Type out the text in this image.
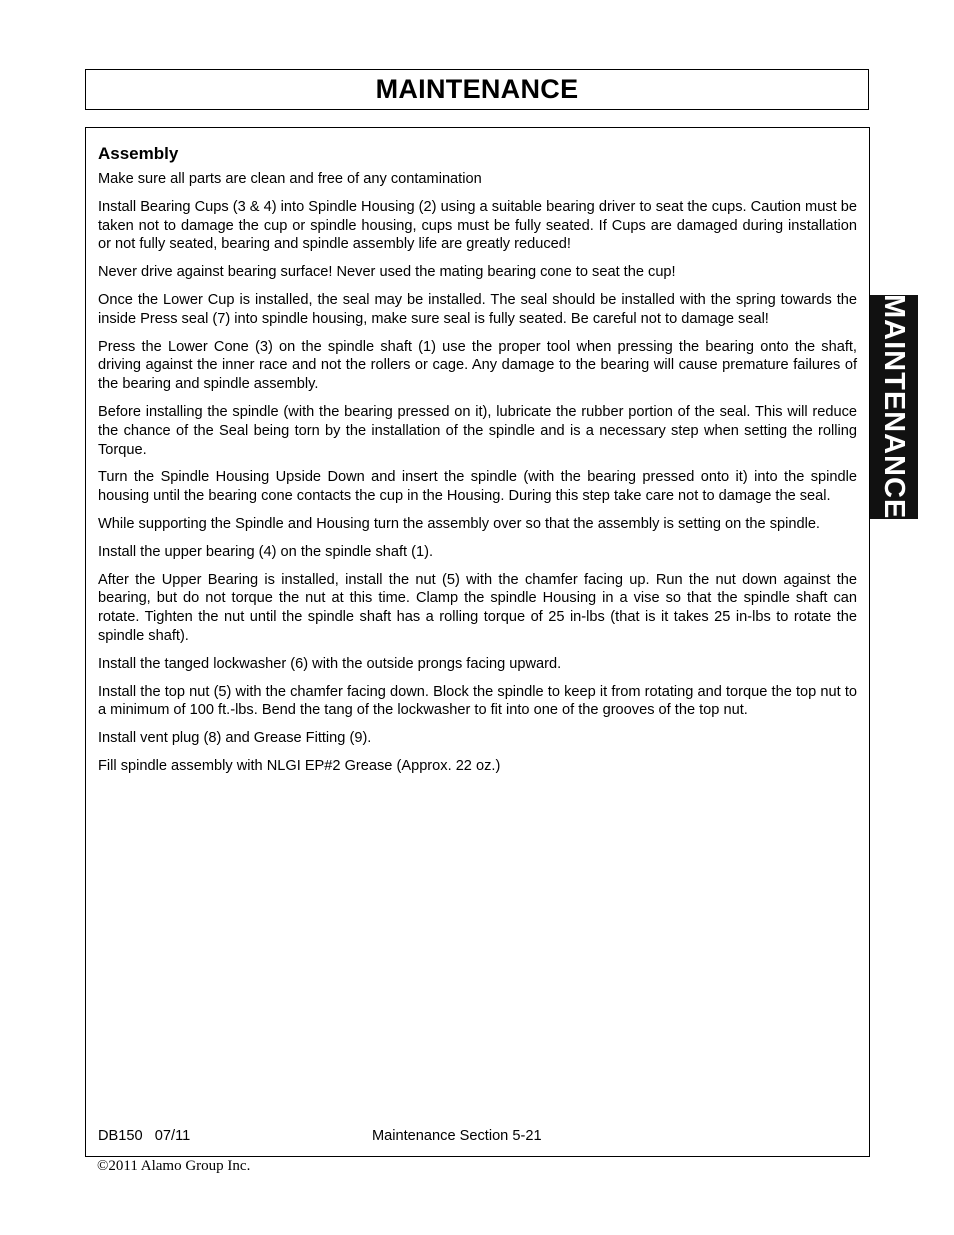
MAINTENANCE
MAINTENANCE
Assembly

Make sure all parts are clean and free of any contamination

Install Bearing Cups (3 & 4) into Spindle Housing (2) using a suitable bearing driver to seat the cups. Caution must be taken not to damage the cup or spindle housing, cups must be fully seated. If Cups are damaged during installation or not fully seated, bearing and spindle assembly life are greatly reduced!

Never drive against bearing surface! Never used the mating bearing cone to seat the cup!

Once the Lower Cup is installed, the seal may be installed. The seal should be installed with the spring towards the inside Press seal (7) into spindle housing, make sure seal is fully seated. Be careful not to damage seal!

Press the Lower Cone (3) on the spindle shaft (1) use the proper tool when pressing the bearing onto the shaft, driving against the inner race and not the rollers or cage. Any damage to the bearing will cause premature failures of the bearing and spindle assembly.

Before installing the spindle (with the bearing pressed on it), lubricate the rubber portion of the seal. This will reduce the chance of the Seal being torn by the installation of the spindle and is a necessary step when setting the rolling Torque.

Turn the Spindle Housing Upside Down and insert the spindle (with the bearing pressed onto it) into the spindle housing until the bearing cone contacts the cup in the Housing. During this step take care not to damage the seal.

While supporting the Spindle and Housing turn the assembly over so that the assembly is setting on the spindle.

Install the upper bearing (4) on the spindle shaft (1).

After the Upper Bearing is installed, install the nut (5) with the chamfer facing up. Run the nut down against the bearing, but do not torque the nut at this time. Clamp the spindle Housing in a vise so that the spindle shaft can rotate. Tighten the nut until the spindle shaft has a rolling torque of 25 in-lbs (that is it takes 25 in-lbs to rotate the spindle shaft).

Install the tanged lockwasher (6) with the outside prongs facing upward.

Install the top nut (5) with the chamfer facing down. Block the spindle to keep it from rotating and torque the top nut to a minimum of 100 ft.-lbs. Bend the tang of the lockwasher to fit into one of the grooves of the top nut.

Install vent plug (8) and Grease Fitting (9).

Fill spindle assembly with NLGI EP#2 Grease (Approx. 22 oz.)

DB150   07/11	Maintenance Section 5-21
©2011 Alamo Group Inc.
